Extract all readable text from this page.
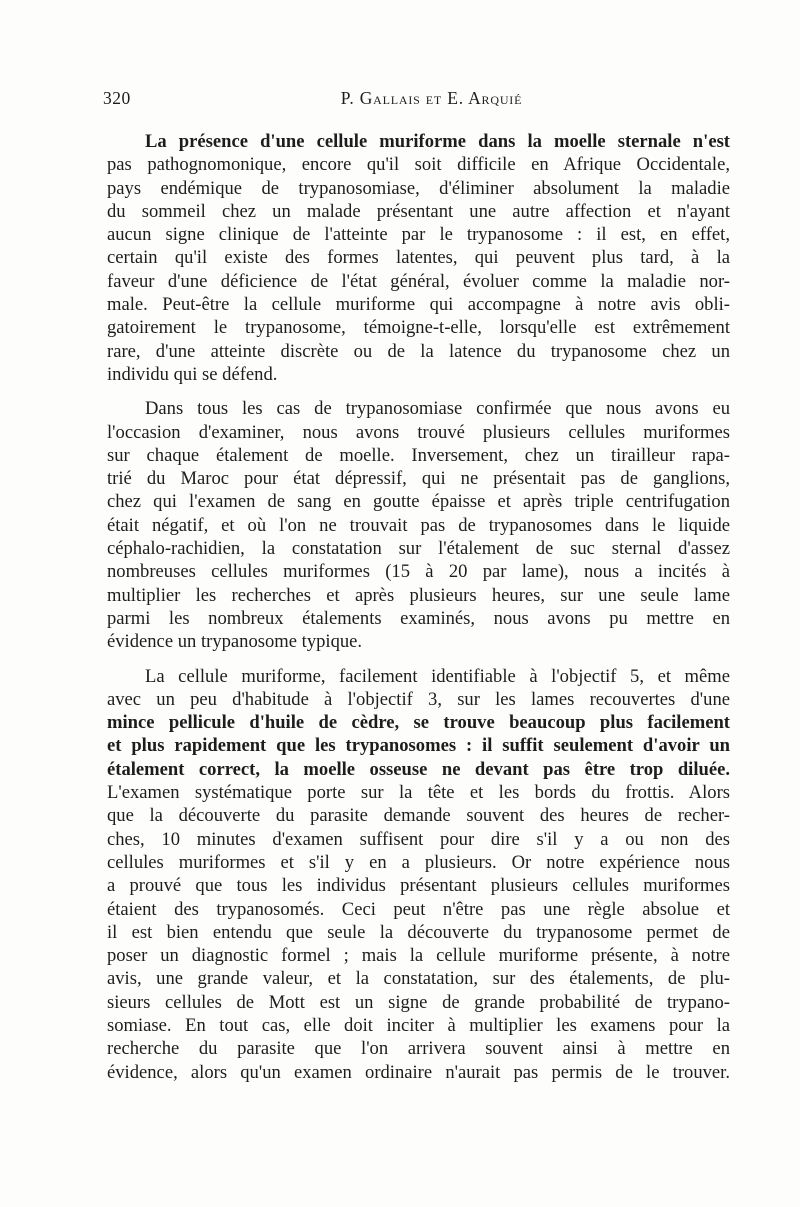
320	P. Gallais et E. Arquié

La présence d'une cellule muriforme dans la moelle sternale n'est
pas pathognomonique, encore qu'il soit difficile en Afrique Occidentale,
pays endémique de trypanosomiase, d'éliminer absolument la maladie
du sommeil chez un malade présentant une autre affection et n'ayant
aucun signe clinique de l'atteinte par le trypanosome : il est, en effet,
certain qu'il existe des formes latentes, qui peuvent plus tard, à la
faveur d'une déficience de l'état général, évoluer comme la maladie nor-
male. Peut-être la cellule muriforme qui accompagne à notre avis obli-
gatoirement le trypanosome, témoigne-t-elle, lorsqu'elle est extrêmement
rare, d'une atteinte discrète ou de la latence du trypanosome chez un
individu qui se défend.

Dans tous les cas de trypanosomiase confirmée que nous avons eu
l'occasion d'examiner, nous avons trouvé plusieurs cellules muriformes
sur chaque étalement de moelle. Inversement, chez un tirailleur rapa-
trié du Maroc pour état dépressif, qui ne présentait pas de ganglions,
chez qui l'examen de sang en goutte épaisse et après triple centrifugation
était négatif, et où l'on ne trouvait pas de trypanosomes dans le liquide
céphalo-rachidien, la constatation sur l'étalement de suc sternal d'assez
nombreuses cellules muriformes (15 à 20 par lame), nous a incités à
multiplier les recherches et après plusieurs heures, sur une seule lame
parmi les nombreux étalements examinés, nous avons pu mettre en
évidence un trypanosome typique.

La cellule muriforme, facilement identifiable à l'objectif 5, et même
avec un peu d'habitude à l'objectif 3, sur les lames recouvertes d'une
mince pellicule d'huile de cèdre, se trouve beaucoup plus facilement
et plus rapidement que les trypanosomes : il suffit seulement d'avoir un
étalement correct, la moelle osseuse ne devant pas être trop diluée.
L'examen systématique porte sur la tête et les bords du frottis. Alors
que la découverte du parasite demande souvent des heures de recher-
ches, 10 minutes d'examen suffisent pour dire s'il y a ou non des
cellules muriformes et s'il y en a plusieurs. Or notre expérience nous
a prouvé que tous les individus présentant plusieurs cellules muriformes
étaient des trypanosomés. Ceci peut n'être pas une règle absolue et
il est bien entendu que seule la découverte du trypanosome permet de
poser un diagnostic formel ; mais la cellule muriforme présente, à notre
avis, une grande valeur, et la constatation, sur des étalements, de plu-
sieurs cellules de Mott est un signe de grande probabilité de trypano-
somiase. En tout cas, elle doit inciter à multiplier les examens pour la
recherche du parasite que l'on arrivera souvent ainsi à mettre en
évidence, alors qu'un examen ordinaire n'aurait pas permis de le trouver.
